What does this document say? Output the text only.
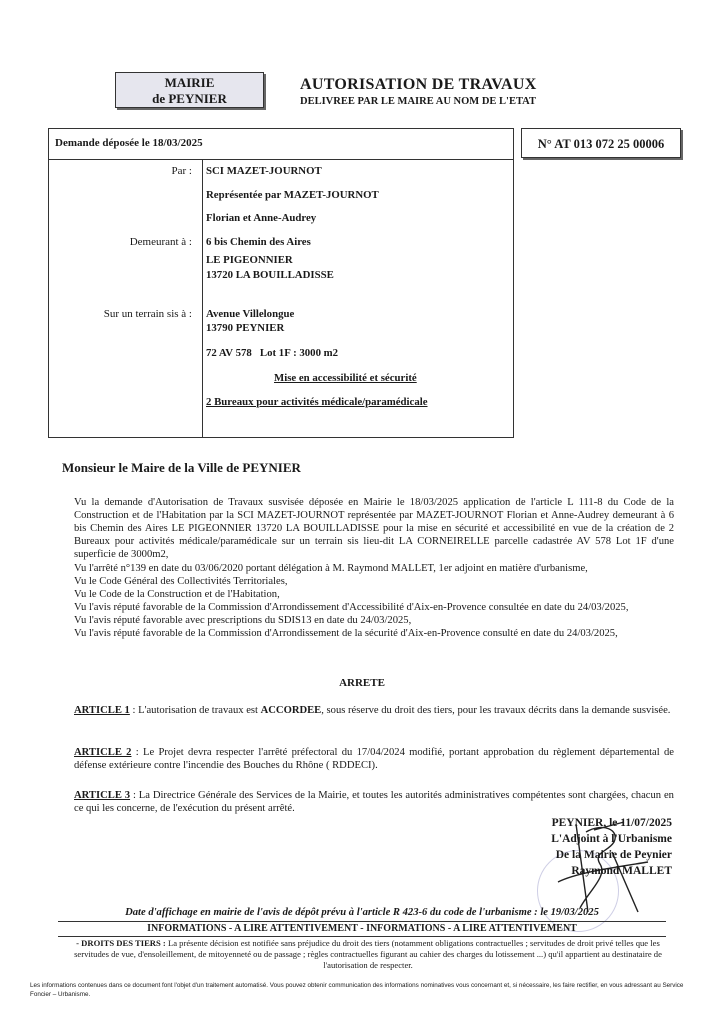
MAIRIE
de PEYNIER
AUTORISATION DE TRAVAUX
DELIVREE PAR LE MAIRE AU NOM DE L'ETAT
Demande déposée le 18/03/2025	N° AT 013 072 25 00006
Par :
Demeurant à :
Sur un terrain sis à :
SCI MAZET-JOURNOT
Représentée par MAZET-JOURNOT
Florian et Anne-Audrey
6 bis Chemin des Aires
LE PIGEONNIER
13720 LA BOUILLADISSE
Avenue Villelongue
13790 PEYNIER
72 AV 578   Lot 1F : 3000 m2
Mise en accessibilité et sécurité
2 Bureaux pour activités médicale/paramédicale
Monsieur le Maire de la Ville de PEYNIER
Vu la demande d'Autorisation de Travaux susvisée déposée en Mairie le 18/03/2025 application de l'article L 111-8 du Code de la Construction et de l'Habitation par la SCI MAZET-JOURNOT représentée par MAZET-JOURNOT Florian et Anne-Audrey demeurant à 6 bis Chemin des Aires LE PIGEONNIER 13720 LA BOUILLADISSE pour la mise en sécurité et accessibilité en vue de la création de 2 Bureaux pour activités médicale/paramédicale sur un terrain sis lieu-dit LA CORNEIRELLE parcelle cadastrée AV 578 Lot 1F d'une superficie de 3000m2,
Vu l'arrêté n°139 en date du 03/06/2020 portant délégation à M. Raymond MALLET, 1er adjoint en matière d'urbanisme,
Vu le Code Général des Collectivités Territoriales,
Vu le Code de la Construction et de l'Habitation,
Vu l'avis réputé favorable de la Commission d'Arrondissement d'Accessibilité d'Aix-en-Provence consultée en date du 24/03/2025,
Vu l'avis réputé favorable avec prescriptions du SDIS13 en date du 24/03/2025,
Vu l'avis réputé favorable de la Commission d'Arrondissement de la sécurité d'Aix-en-Provence consulté en date du 24/03/2025,
ARRETE
ARTICLE 1 : L'autorisation de travaux est ACCORDEE, sous réserve du droit des tiers, pour les travaux décrits dans la demande susvisée.
ARTICLE 2 : Le Projet devra respecter l'arrêté préfectoral du 17/04/2024 modifié, portant approbation du règlement départemental de défense extérieure contre l'incendie des Bouches du Rhône ( RDDECI).
ARTICLE 3 : La Directrice Générale des Services de la Mairie, et toutes les autorités administratives compétentes sont chargées, chacun en ce qui les concerne, de l'exécution du présent arrêté.
PEYNIER, le 11/07/2025
L'Adjoint à l'Urbanisme
De la Mairie de Peynier
Raymond MALLET
Date d'affichage en mairie de l'avis de dépôt prévu à l'article R 423-6 du code de l'urbanisme : le 19/03/2025
INFORMATIONS - A LIRE ATTENTIVEMENT - INFORMATIONS - A LIRE ATTENTIVEMENT
- DROITS DES TIERS : La présente décision est notifiée sans préjudice du droit des tiers (notamment obligations contractuelles ; servitudes de droit privé telles que les servitudes de vue, d'ensoleillement, de mitoyenneté ou de passage ; règles contractuelles figurant au cahier des charges du lotissement ...) qu'il appartient au destinataire de l'autorisation de respecter.
Les informations contenues dans ce document font l'objet d'un traitement automatisé. Vous pouvez obtenir communication des informations nominatives vous concernant et, si nécessaire, les faire rectifier, en vous adressant au Service Foncier – Urbanisme.
